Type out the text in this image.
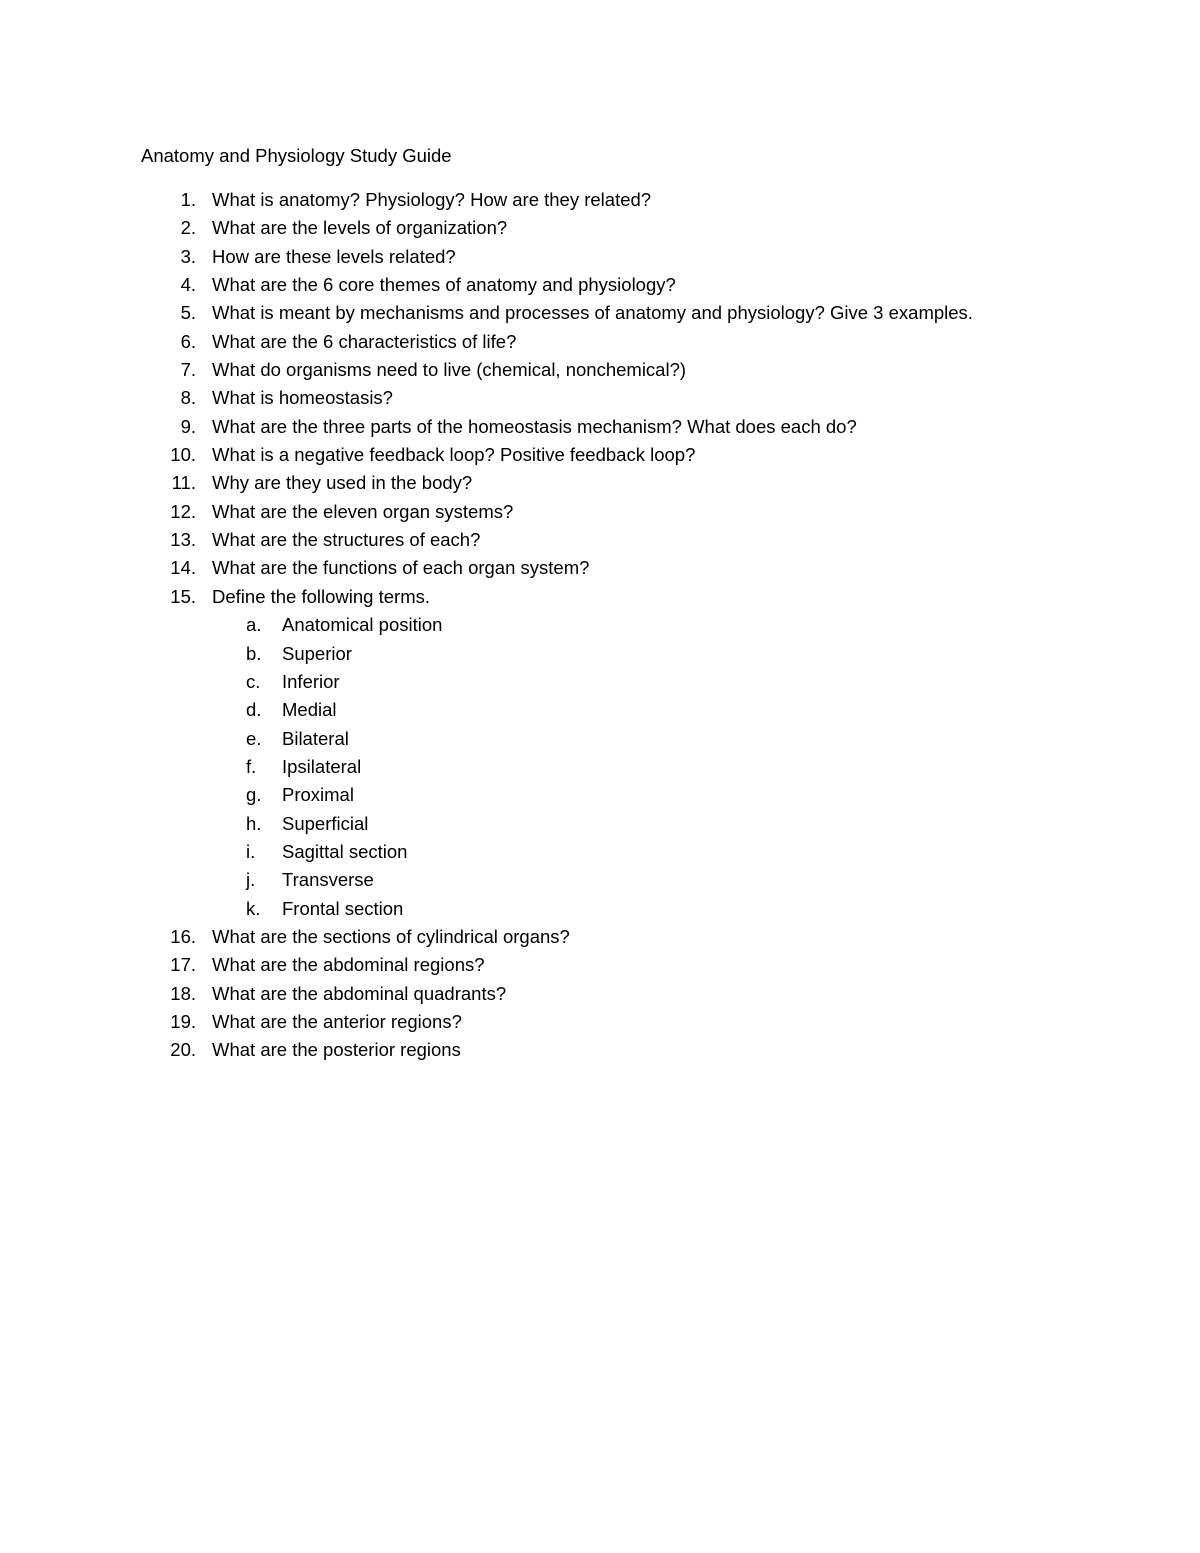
Anatomy and Physiology Study Guide
1. What is anatomy? Physiology? How are they related?
2. What are the levels of organization?
3. How are these levels related?
4. What are the 6 core themes of anatomy and physiology?
5. What is meant by mechanisms and processes of anatomy and physiology? Give 3 examples.
6. What are the 6 characteristics of life?
7. What do organisms need to live (chemical, nonchemical?)
8. What is homeostasis?
9. What are the three parts of the homeostasis mechanism? What does each do?
10. What is a negative feedback loop? Positive feedback loop?
11. Why are they used in the body?
12. What are the eleven organ systems?
13. What are the structures of each?
14. What are the functions of each organ system?
15. Define the following terms.
a. Anatomical position
b. Superior
c. Inferior
d. Medial
e. Bilateral
f. Ipsilateral
g. Proximal
h. Superficial
i. Sagittal section
j. Transverse
k. Frontal section
16. What are the sections of cylindrical organs?
17. What are the abdominal regions?
18. What are the abdominal quadrants?
19. What are the anterior regions?
20. What are the posterior regions
